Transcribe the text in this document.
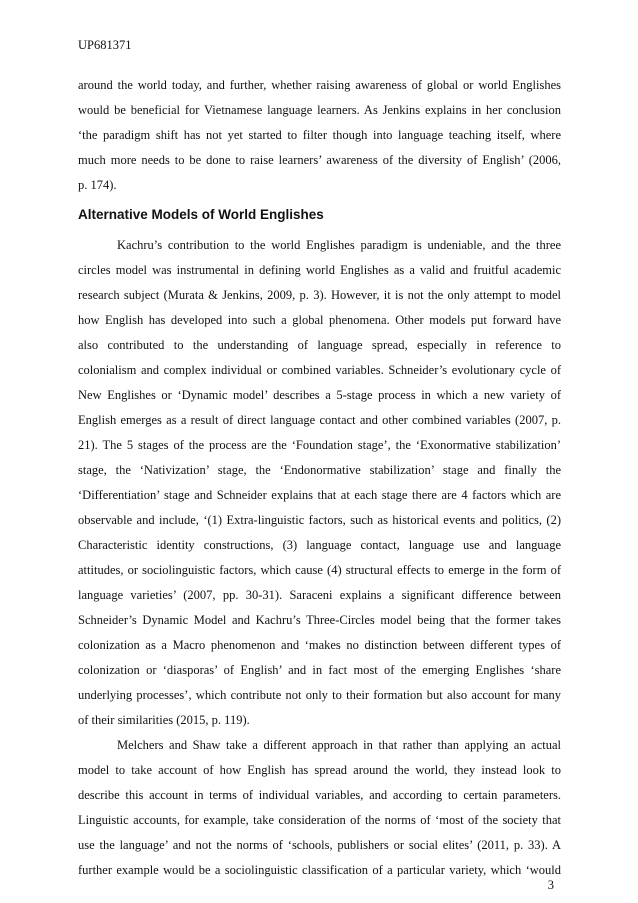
UP681371
around the world today, and further, whether raising awareness of global or world Englishes
would be beneficial for Vietnamese language learners. As Jenkins explains in her conclusion
‘the paradigm shift has not yet started to filter though into language teaching itself, where
much more needs to be done to raise learners’ awareness of the diversity of English’ (2006,
p. 174).
Alternative Models of World Englishes
Kachru’s contribution to the world Englishes paradigm is undeniable, and the three
circles model was instrumental in defining world Englishes as a valid and fruitful academic
research subject (Murata & Jenkins, 2009, p. 3). However, it is not the only attempt to model
how English has developed into such a global phenomena. Other models put forward have
also contributed to the understanding of language spread, especially in reference to
colonialism and complex individual or combined variables. Schneider’s evolutionary cycle of
New Englishes or ‘Dynamic model’ describes a 5-stage process in which a new variety of
English emerges as a result of direct language contact and other combined variables (2007, p.
21). The 5 stages of the process are the ‘Foundation stage’, the ‘Exonormative stabilization’
stage, the ‘Nativization’ stage, the ‘Endonormative stabilization’ stage and finally the
‘Differentiation’ stage and Schneider explains that at each stage there are 4 factors which are
observable and include, ‘(1) Extra-linguistic factors, such as historical events and politics, (2)
Characteristic identity constructions, (3) language contact, language use and language
attitudes, or sociolinguistic factors, which cause (4) structural effects to emerge in the form of
language varieties’ (2007, pp. 30-31). Saraceni explains a significant difference between
Schneider’s Dynamic Model and Kachru’s Three-Circles model being that the former takes
colonization as a Macro phenomenon and ‘makes no distinction between different types of
colonization or ‘diasporas’ of English’ and in fact most of the emerging Englishes ‘share
underlying processes’, which contribute not only to their formation but also account for many
of their similarities (2015, p. 119).
Melchers and Shaw take a different approach in that rather than applying an actual
model to take account of how English has spread around the world, they instead look to
describe this account in terms of individual variables, and according to certain parameters.
Linguistic accounts, for example, take consideration of the norms of ‘most of the society that
use the language’ and not the norms of ‘schools, publishers or social elites’ (2011, p. 33). A
further example would be a sociolinguistic classification of a particular variety, which ‘would
3
